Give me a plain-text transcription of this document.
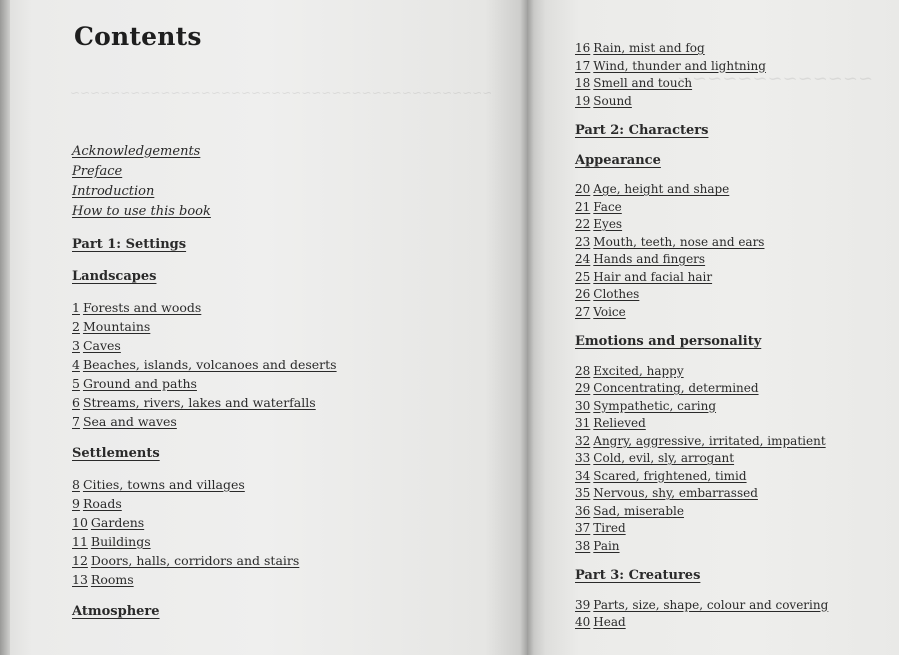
~~~~~~~~~~~~~~~~~~~~~~~~~~~~~~~~~~~~~~~~~~
Contents
Acknowledgements
Preface
Introduction
How to use this book
Part 1: Settings
Landscapes
1 Forests and woods
2 Mountains
3 Caves
4 Beaches, islands, volcanoes and deserts
5 Ground and paths
6 Streams, rivers, lakes and waterfalls
7 Sea and waves
Settlements
8 Cities, towns and villages
9 Roads
10 Gardens
11 Buildings
12 Doors, halls, corridors and stairs
13 Rooms
Atmosphere
~~~~~~~~~~~~~
16 Rain, mist and fog
17 Wind, thunder and lightning
18 Smell and touch
19 Sound
Part 2: Characters
Appearance
20 Age, height and shape
21 Face
22 Eyes
23 Mouth, teeth, nose and ears
24 Hands and fingers
25 Hair and facial hair
26 Clothes
27 Voice
Emotions and personality
28 Excited, happy
29 Concentrating, determined
30 Sympathetic, caring
31 Relieved
32 Angry, aggressive, irritated, impatient
33 Cold, evil, sly, arrogant
34 Scared, frightened, timid
35 Nervous, shy, embarrassed
36 Sad, miserable
37 Tired
38 Pain
Part 3: Creatures
39 Parts, size, shape, colour and covering
40 Head
